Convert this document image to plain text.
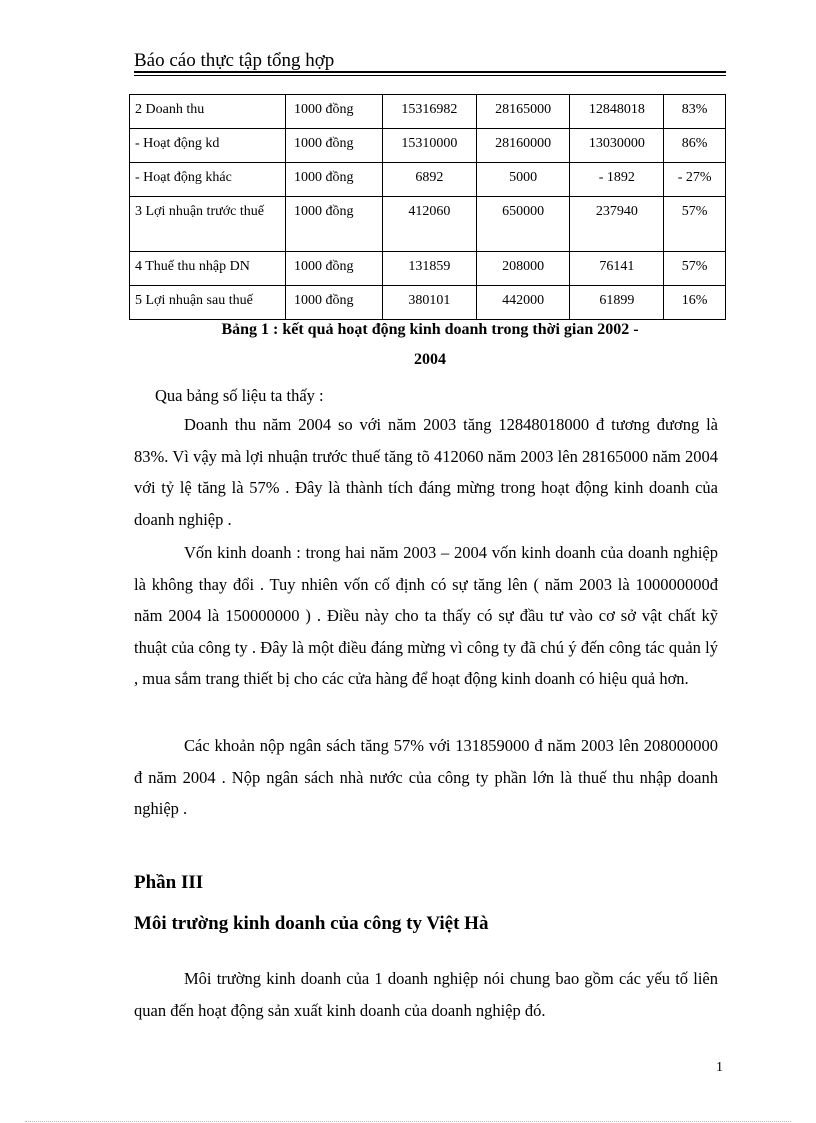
Báo cáo thực tập tổng hợp
2 Doanh thu	1000 đồng	15316982	28165000	12848018	83%
- Hoạt động kd	1000 đồng	15310000	28160000	13030000	86%
- Hoạt động khác	1000 đồng	6892	5000	- 1892	- 27%
3 Lợi nhuận trước thuế	1000 đồng	412060	650000	237940	57%
4 Thuế thu nhập DN	1000 đồng	131859	208000	76141	57%
5 Lợi nhuận sau thuế	1000 đồng	380101	442000	61899	16%
Bảng 1 : kết quả hoạt động kinh doanh trong thời gian 2002 -
2004
Qua bảng số liệu ta thấy :
Doanh thu năm 2004 so với năm 2003 tăng 12848018000 đ tương đương là 83%. Vì vậy mà lợi nhuận trước thuế tăng tõ 412060 năm 2003 lên 28165000 năm 2004 với tỷ lệ tăng là 57% . Đây là thành tích đáng mừng trong hoạt động kinh doanh của doanh nghiệp .
Vốn kinh doanh : trong hai năm 2003 – 2004 vốn kinh doanh của doanh nghiệp là không thay đổi . Tuy nhiên vốn cố định có sự tăng lên ( năm 2003 là 100000000đ năm 2004 là 150000000 ) . Điều này cho ta thấy có sự đầu tư vào cơ sở vật chất kỹ thuật của công ty . Đây là một điều đáng mừng vì công ty đã chú ý đến công tác quản lý , mua sắm trang thiết bị cho các cửa hàng để hoạt động kinh doanh có hiệu quả hơn.
Các khoản nộp ngân sách tăng 57% với 131859000 đ năm 2003 lên 208000000 đ năm 2004 . Nộp ngân sách nhà nước của công ty phần lớn là thuế thu nhập doanh nghiệp .
Phần III
Môi trường kinh doanh của công ty Việt Hà
Môi trường kinh doanh của 1 doanh nghiệp nói chung bao gồm các yếu tố liên quan đến hoạt động sản xuất kinh doanh của doanh nghiệp đó.
1
